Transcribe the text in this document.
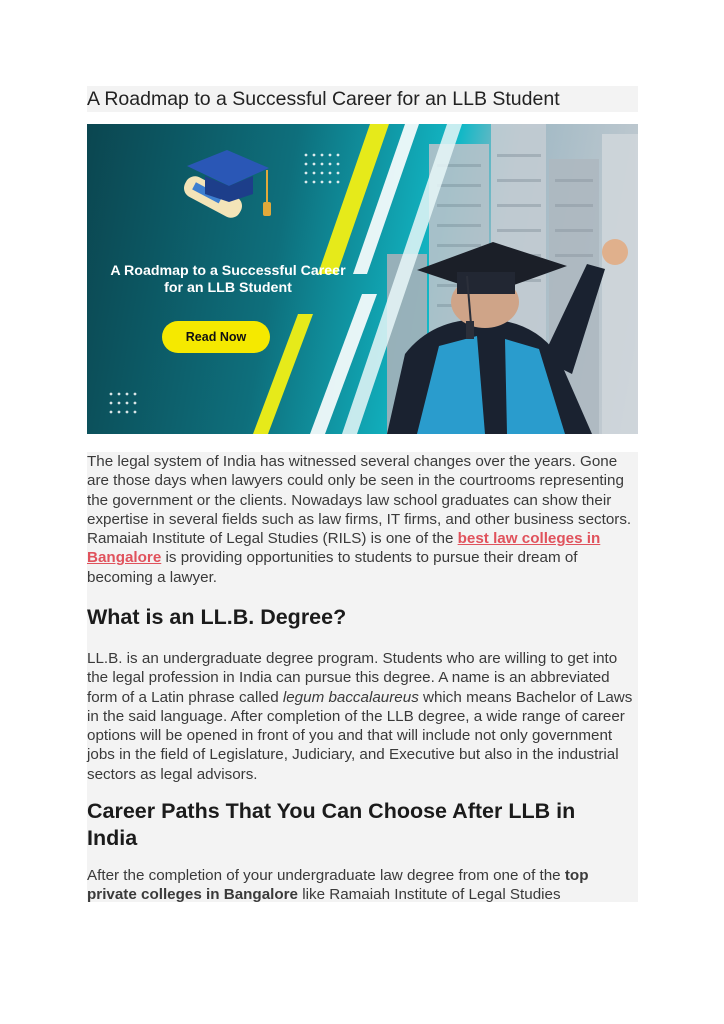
A Roadmap to a Successful Career for an LLB Student
A Roadmap to a Successful Career
for an LLB Student
Read Now

The legal system of India has witnessed several changes over the years. Gone are those days when lawyers could only be seen in the courtrooms representing the government or the clients. Nowadays law school graduates can show their expertise in several fields such as law firms, IT firms, and other business sectors. Ramaiah Institute of Legal Studies (RILS) is one of the best law colleges in Bangalore is providing opportunities to students to pursue their dream of becoming a lawyer.

What is an LL.B. Degree?

LL.B. is an undergraduate degree program. Students who are willing to get into the legal profession in India can pursue this degree. A name is an abbreviated form of a Latin phrase called legum baccalaureus which means Bachelor of Laws in the said language. After completion of the LLB degree, a wide range of career options will be opened in front of you and that will include not only government jobs in the field of Legislature, Judiciary, and Executive but also in the industrial sectors as legal advisors.

Career Paths That You Can Choose After LLB in India

After the completion of your undergraduate law degree from one of the top private colleges in Bangalore like Ramaiah Institute of Legal Studies
